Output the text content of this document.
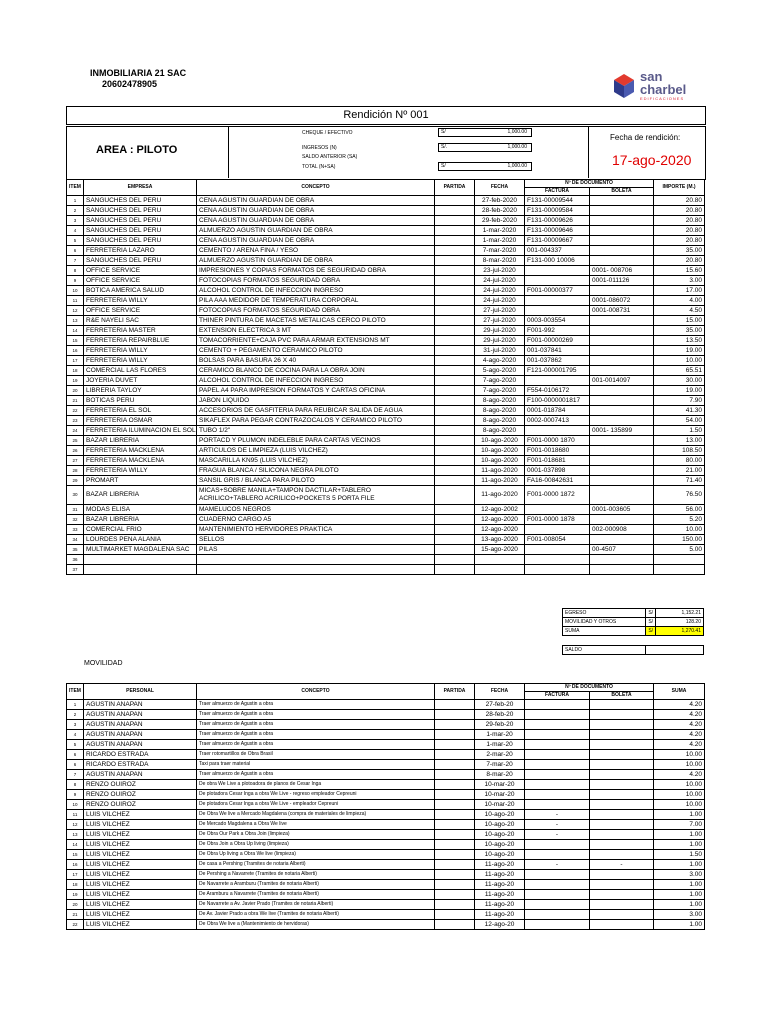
INMOBILIARIA 21 SAC
20602478905	san
charbel
EDIFICACIONES
Rendición Nº 001
AREA : PILOTO
CHEQUE / EFECTIVO	S/	1,000.00
INGRESOS (N)	S/.	1,000.00
SALDO ANTERIOR (SA)
TOTAL (N+SA)	S/	1,000.00
Fecha de rendición:
17-ago-2020
ITEM	EMPRESA	CONCEPTO	PARTIDA	FECHA	Nº DE DOCUMENTO		IMPORTE (M.)
					FACTURA	BOLETA	
1	SANGUCHES DEL PERU	CENA AGUSTIN GUARDIAN DE OBRA		27-feb-2020	F131-00009544		20.80
2	SANGUCHES DEL PERU	CENA AGUSTIN GUARDIAN DE OBRA		28-feb-2020	F131-00009584		20.80
3	SANGUCHES DEL PERU	CENA AGUSTIN GUARDIAN DE OBRA		29-feb-2020	F131-00009626		20.80
4	SANGUCHES DEL PERU	ALMUERZO AGUSTIN GUARDIAN DE OBRA		1-mar-2020	F131-00009646		20.80
5	SANGUCHES DEL PERU	CENA AGUSTIN GUARDIAN DE OBRA		1-mar-2020	F131-00009667		20.80
6	FERRETERIA LAZARO	CEMENTO / ARENA FINA / YESO		7-mar-2020	001-004337		35.00
7	SANGUCHES DEL PERU	ALMUERZO AGUSTIN GUARDIAN DE OBRA		8-mar-2020	F131-000 10006		20.80
8	OFFICE SERVICE	IMPRESIONES Y COPIAS FORMATOS DE SEGURIDAD OBRA		23-jul-2020		0001- 008706	15.60
9	OFFICE SERVICE	FOTOCOPIAS FORMATOS SEGURIDAD OBRA		24-jul-2020		0001-011126	3.00
10	BOTICA AMERICA SALUD	ALCOHOL CONTROL DE INFECCION INGRESO		24-jul-2020	F001-00000377		17.00
11	FERRETERIA WILLY	PILA AAA MEDIDOR DE TEMPERATURA CORPORAL		24-jul-2020		0001-086072	4.00
12	OFFICE SERVICE	FOTOCOPIAS FORMATOS SEGURIDAD OBRA		27-jul-2020		0001-008731	4.50
13	R&E NAYELI SAC	THINER PINTURA DE MACETAS METALICAS CERCO PILOTO		27-jul-2020	0003-003554		15.00
14	FERRETERIA MASTER	EXTENSION ELECTRICA 3 MT		29-jul-2020	F001-992		35.00
15	FERRETERIA REPAIRBLUE	TOMACORRIENTE+CAJA PVC PARA ARMAR EXTENSIONS MT		29-jul-2020	F001-00000269		13.50
16	FERRETERIA WILLY	CEMENTO + PEGAMENTO CERAMICO PILOTO		31-jul-2020	001-037841		19.00
17	FERRETERIA WILLY	BOLSAS PARA BASURA 26 X 40		4-ago-2020	001-037862		10.00
18	COMERCIAL LAS FLORES	CERAMICO BLANCO DE COCINA PARA LA OBRA JOIN		5-ago-2020	F121-000001795		65.51
19	JOYERIA DUVET	ALCOHOL CONTROL DE INFECCION INGRESO		7-ago-2020		001-0014097	30.00
20	LIBRERIA TAYLOY	PAPEL A4 PARA IMPRESION FORMATOS Y CARTAS OFICINA		7-ago-2020	F554-0106172		19.00
21	BOTICAS PERU	JABON LIQUIDO		8-ago-2020	F100-0000001817		7.90
22	FERRETERIA EL SOL	ACCESORIOS DE GASFITERIA PARA REUBICAR SALIDA DE AGUA		8-ago-2020	0001-018784		41.30
23	FERRETERIA OSMAR	SIKAFLEX PARA PEGAR CONTRAZOCALOS Y CERAMICO PILOTO		8-ago-2020	0002-0007413		54.00
24	FERRETERIA ILUMINACION EL SOL	TUBO 1/2"		8-ago-2020		0001- 135899	1.50
25	BAZAR LIBRERIA	PORTACD Y PLUMON INDELEBLE PARA CARTAS VECINOS		10-ago-2020	F001-0000 1870		13.00
26	FERRETERIA MACKLENA	ARTICULOS DE LIMPIEZA (LUIS VILCHEZ)		10-ago-2020	F001-0018680		108.50
27	FERRETERIA MACKLENA	MASCARILLA KN95 (LUIS VILCHEZ)		10-ago-2020	F001-018681		80.00
28	FERRETERIA WILLY	FRAGUA BLANCA / SILICONA NEGRA PILOTO		11-ago-2020	0001-037898		21.00
29	PROMART	SANSIL GRIS / BLANCA PARA PILOTO		11-ago-2020	FA16-00842631		71.40
30	BAZAR LIBRERIA	MICAS+SOBRE MANILA+TAMPON DACTILAR+TABLERO ACRILICO+TABLERO ACRILICO+POCKETS 5 PORTA FILE		11-ago-2020	F001-0000 1872		76.50
31	MODAS ELISA	MAMELUCOS NEGROS		12-ago-2002		0001-003605	56.00
32	BAZAR LIBRERIA	CUADERNO CARGO A5		12-ago-2020	F001-0000 1878		5.20
33	COMERCIAL FRIO	MANTENIMIENTO HERVIDORES PRAKTICA		12-ago-2020		002-000908	10.00
34	LOURDES PENA ALANIA	SELLOS		13-ago-2020	F001-008054		150.00
35	MULTIMARKET MAGDALENA SAC	PILAS		15-ago-2020		00-4507	5.00
36							
37							
EGRESO	S/	1,152.21
MOVILIDAD Y OTROS	S/	128.20
SUMA	S/	1,270.41
SALDO	
MOVILIDAD
ITEM	PERSONAL	CONCEPTO	PARTIDA	FECHA	Nº DE DOCUMENTO		SUMA
					FACTURA	BOLETA	
1	AGUSTIN ANAPAN	Traer almuerzo de Agustin a obra		27-feb-20			4.20
2	AGUSTIN ANAPAN	Traer almuerzo de Agustin a obra		28-feb-20			4.20
3	AGUSTIN ANAPAN	Traer almuerzo de Agustin a obra		29-feb-20			4.20
4	AGUSTIN ANAPAN	Traer almuerzo de Agustin a obra		1-mar-20			4.20
5	AGUSTIN ANAPAN	Traer almuerzo de Agustin a obra		1-mar-20			4.20
6	RICARDO ESTRADA	Traer rotomartillos de Obra Brasil		2-mar-20			10.00
6	RICARDO ESTRADA	Taxi para traer material		7-mar-20			10.00
7	AGUSTIN ANAPAN	Traer almuerzo de Agustin a obra		8-mar-20			4.20
8	RENZO OUIROZ	De obra We Live a plotoadora de planos de Cesar Inga		10-mar-20			10.00
9	RENZO OUIROZ	De plotadora Cesar Inga a obra We Live - regreso empleador Cepreuni		10-mar-20			10.00
10	RENZO OUIROZ	De plotadora Cesar Inga a obra We Live - empleador Cepreuni		10-mar-20			10.00
11	LUIS VILCHEZ	De Obra We live a Mercado Magdalena (compra de materiales de limpieza)		10-ago-20	-		1.00
12	LUIS VILCHEZ	De Mercado Magdalena a Obra We live		10-ago-20	-		7.00
13	LUIS VILCHEZ	De Obra Our Park a Obra Join (limpieza)		10-ago-20	-		1.00
14	LUIS VILCHEZ	De Obra Join a Obra Up living (limpieza)		10-ago-20			1.00
15	LUIS VILCHEZ	De Obra Up living a Obra We live (limpieza)		10-ago-20			1.50
16	LUIS VILCHEZ	De casa a Pershing (Tramites de notaria Alberti)		11-ago-20	-	-	1.00
17	LUIS VILCHEZ	De Pershing a Navarrete (Tramites de notaria Alberti)		11-ago-20			3.00
18	LUIS VILCHEZ	De Navarrete a Aramburu (Tramites de notaria Alberti)		11-ago-20			1.00
19	LUIS VILCHEZ	De Aramburu a Navarrete (Tramites de notaria Alberti)		11-ago-20			1.00
20	LUIS VILCHEZ	De Navarrete a Av. Javier Prado (Tramites de notaria Alberti)		11-ago-20			1.00
21	LUIS VILCHEZ	De Av. Javier Prado a obra We live (Tramites de notaria Alberti)		11-ago-20			3.00
22	LUIS VILCHEZ	De Obra We live a (Mantenimiento de hervidoras)		12-ago-20			1.00
